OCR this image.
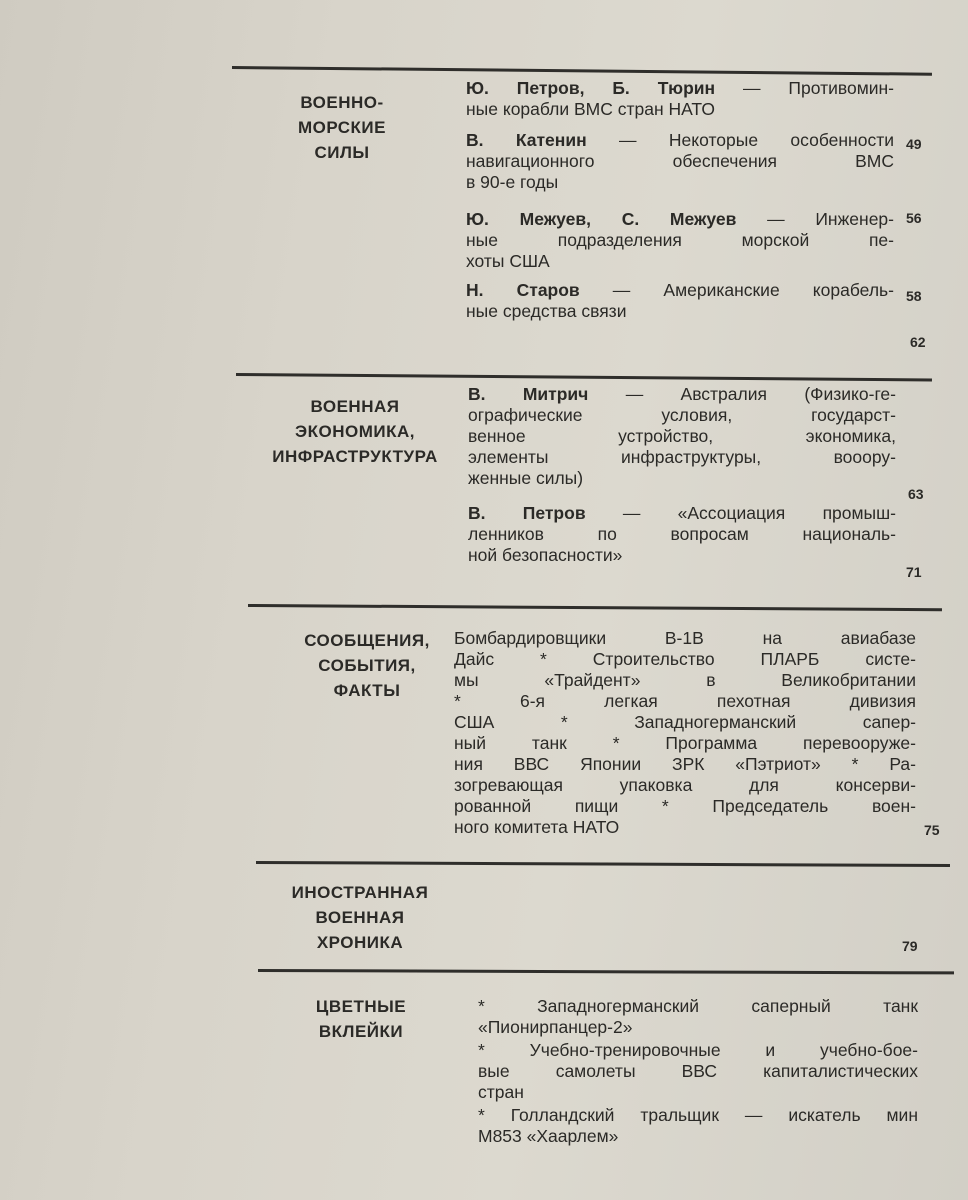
ВОЕННО-
МОРСКИЕ
СИЛЫ
Ю. Петров, Б. Тюрин — Противомин-
ные корабли ВМС стран НАТО
В. Катенин — Некоторые особенности
навигационного обеспечения ВМС
в 90-е годы
Ю. Межуев, С. Межуев — Инженер-
ные подразделения морской пе-
хоты США
Н. Старов — Американские корабель-
ные средства связи
49
56
58
62
ВОЕННАЯ
ЭКОНОМИКА,
ИНФРАСТРУКТУРА
В. Митрич — Австралия (Физико-ге-
ографические условия, государст-
венное устройство, экономика,
элементы инфраструктуры, вооору-
женные силы)
В. Петров — «Ассоциация промыш-
ленников по вопросам националь-
ной безопасности»
63
71
СООБЩЕНИЯ,
СОБЫТИЯ,
ФАКТЫ
Бомбардировщики В-1В на авиабазе
Дайс * Строительство ПЛАРБ систе-
мы «Трайдент» в Великобритании
* 6-я легкая пехотная дивизия
США * Западногерманский сапер-
ный танк * Программа перевооруже-
ния ВВС Японии ЗРК «Пэтриот» * Ра-
зогревающая упаковка для консерви-
рованной пищи * Председатель воен-
ного комитета НАТО	75
ИНОСТРАННАЯ
ВОЕННАЯ
ХРОНИКА	79
ЦВЕТНЫЕ
ВКЛЕЙКИ
* Западногерманский саперный танк
«Пионирпанцер-2»
* Учебно-тренировочные и учебно-бое-
вые самолеты ВВС капиталистических
стран
* Голландский тральщик — искатель мин
М853 «Хаарлем»
